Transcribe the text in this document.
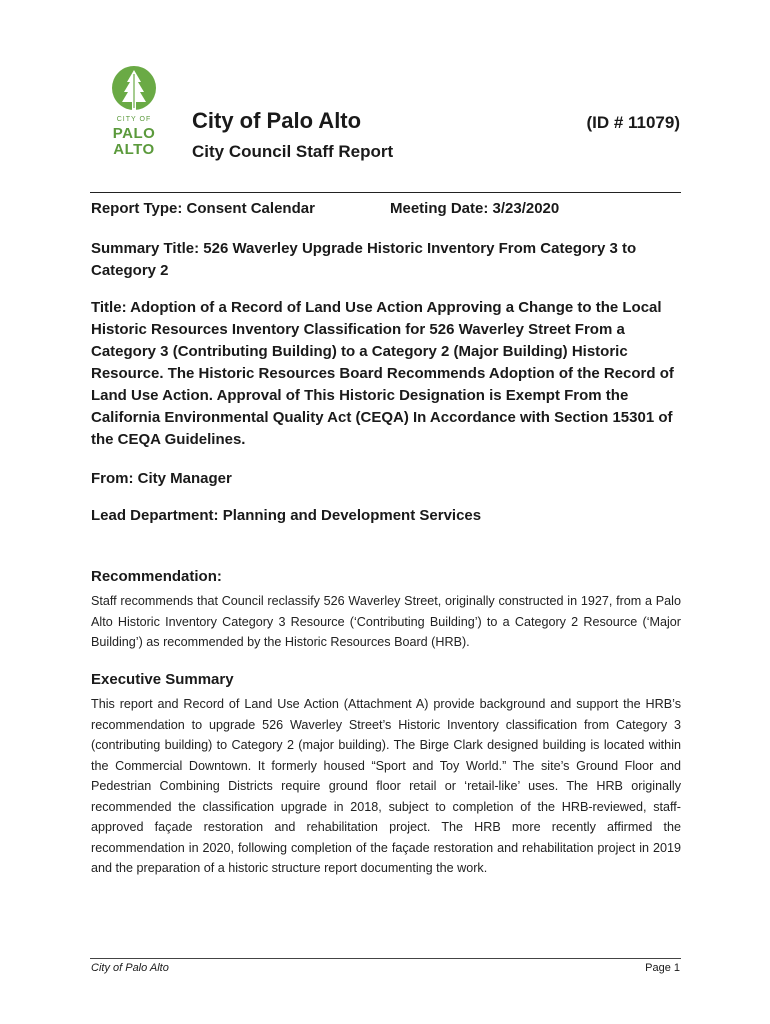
CITY OF
PALO
ALTO
City of Palo Alto	(ID # 11079)
City Council Staff Report
Report Type: Consent Calendar	Meeting Date: 3/23/2020
Summary Title: 526 Waverley Upgrade Historic Inventory From Category 3 to Category 2
Title: Adoption of a Record of Land Use Action Approving a Change to the Local Historic Resources Inventory Classification for 526 Waverley Street From a Category 3 (Contributing Building) to a Category 2 (Major Building) Historic Resource. The Historic Resources Board Recommends Adoption of the Record of Land Use Action. Approval of This Historic Designation is Exempt From the California Environmental Quality Act (CEQA) In Accordance with Section 15301 of the CEQA Guidelines.
From: City Manager
Lead Department: Planning and Development Services
Recommendation:
Staff recommends that Council reclassify 526 Waverley Street, originally constructed in 1927, from a Palo Alto Historic Inventory Category 3 Resource (‘Contributing Building’) to a Category 2 Resource (‘Major Building’) as recommended by the Historic Resources Board (HRB).
Executive Summary
This report and Record of Land Use Action (Attachment A) provide background and support the HRB’s recommendation to upgrade 526 Waverley Street’s Historic Inventory classification from Category 3 (contributing building) to Category 2 (major building). The Birge Clark designed building is located within the Commercial Downtown. It formerly housed “Sport and Toy World.” The site’s Ground Floor and Pedestrian Combining Districts require ground floor retail or ‘retail-like’ uses. The HRB originally recommended the classification upgrade in 2018, subject to completion of the HRB-reviewed, staff-approved façade restoration and rehabilitation project. The HRB more recently affirmed the recommendation in 2020, following completion of the façade restoration and rehabilitation project in 2019 and the preparation of a historic structure report documenting the work.
City of Palo Alto	Page 1
